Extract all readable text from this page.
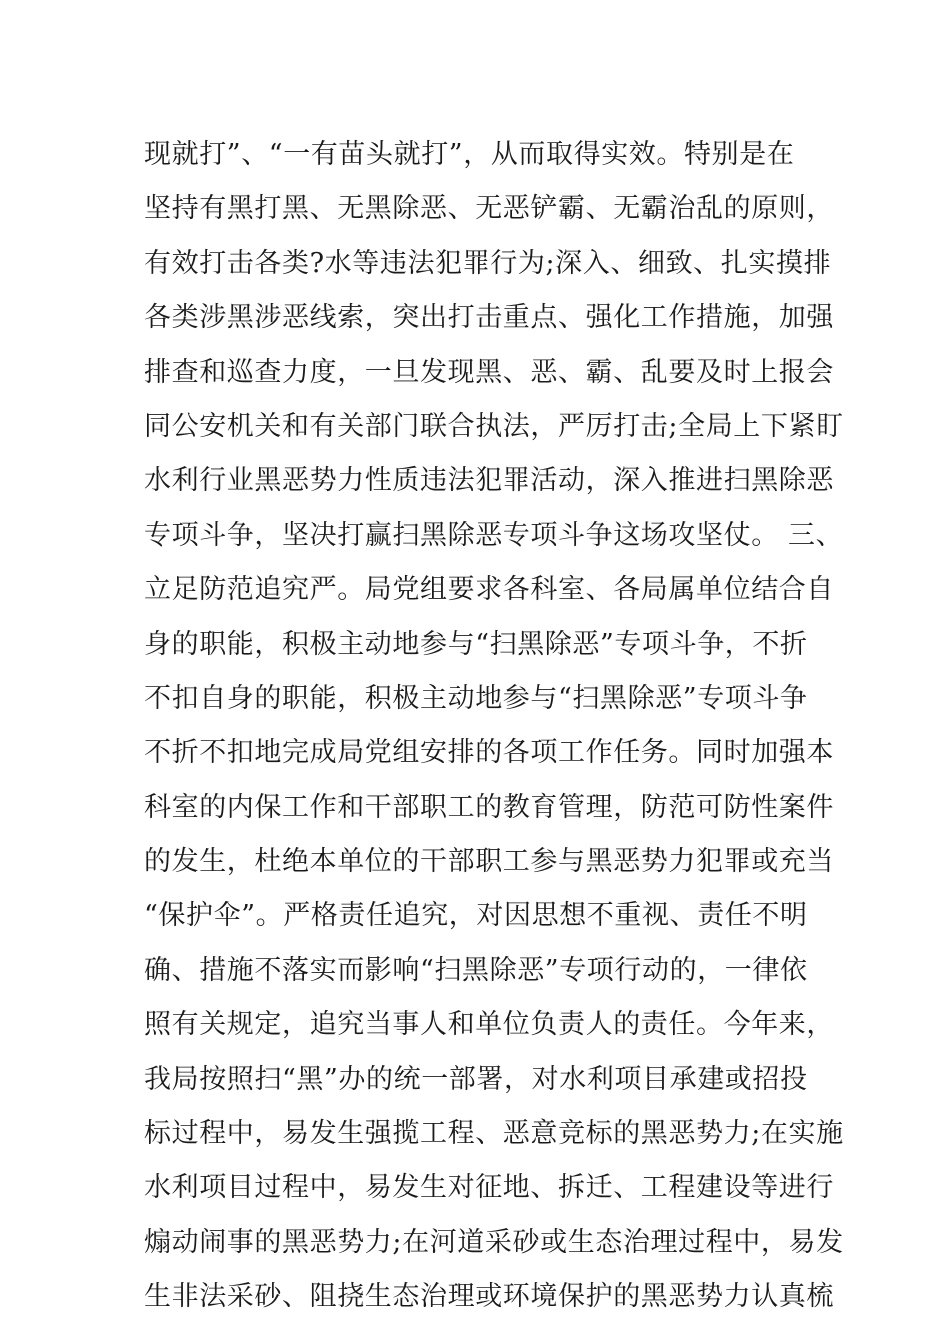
现就打”、“一有苗头就打”，从而取得实效。特别是在
坚持有黑打黑、无黑除恶、无恶铲霸、无霸治乱的原则，
有效打击各类?水等违法犯罪行为;深入、细致、扎实摸排
各类涉黑涉恶线索，突出打击重点、强化工作措施，加强
排查和巡查力度，一旦发现黑、恶、霸、乱要及时上报会
同公安机关和有关部门联合执法，严厉打击;全局上下紧盯
水利行业黑恶势力性质违法犯罪活动，深入推进扫黑除恶
专项斗争，坚决打赢扫黑除恶专项斗争这场攻坚仗。 三、
立足防范追究严。局党组要求各科室、各局属单位结合自
身的职能，积极主动地参与“扫黑除恶”专项斗争，不折
不扣自身的职能，积极主动地参与“扫黑除恶”专项斗争
不折不扣地完成局党组安排的各项工作任务。同时加强本
科室的内保工作和干部职工的教育管理，防范可防性案件
的发生，杜绝本单位的干部职工参与黑恶势力犯罪或充当
“保护伞”。严格责任追究，对因思想不重视、责任不明
确、措施不落实而影响“扫黑除恶”专项行动的，一律依
照有关规定，追究当事人和单位负责人的责任。今年来，
我局按照扫“黑”办的统一部署，对水利项目承建或招投
标过程中，易发生强揽工程、恶意竞标的黑恶势力;在实施
水利项目过程中，易发生对征地、拆迁、工程建设等进行
煽动闹事的黑恶势力;在河道采砂或生态治理过程中，易发
生非法采砂、阻挠生态治理或环境保护的黑恶势力认真梳
